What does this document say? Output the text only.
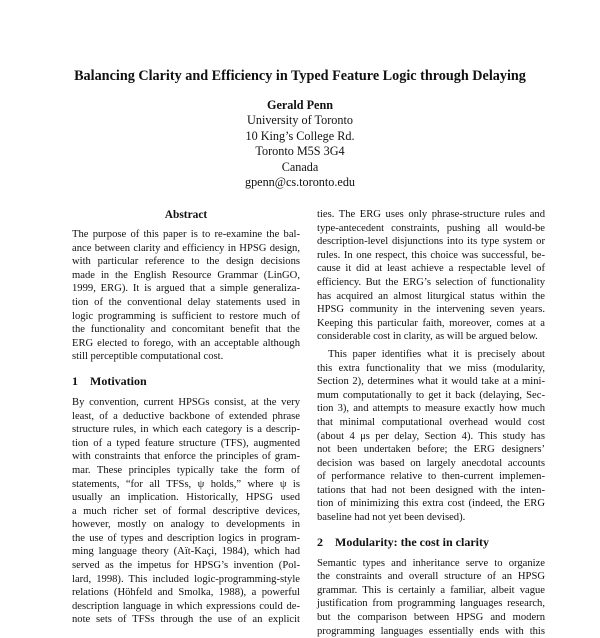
Balancing Clarity and Efficiency in Typed Feature Logic through Delaying
Gerald Penn
University of Toronto
10 King’s College Rd.
Toronto M5S 3G4
Canada
gpenn@cs.toronto.edu
Abstract
The purpose of this paper is to re-examine the bal-
ance between clarity and efficiency in HPSG design,
with particular reference to the design decisions
made in the English Resource Grammar (LinGO,
1999, ERG). It is argued that a simple generaliza-
tion of the conventional delay statements used in
logic programming is sufficient to restore much of
the functionality and concomitant benefit that the
ERG elected to forego, with an acceptable although
still perceptible computational cost.
1 Motivation
By convention, current HPSGs consist, at the very
least, of a deductive backbone of extended phrase
structure rules, in which each category is a descrip-
tion of a typed feature structure (TFS), augmented
with constraints that enforce the principles of gram-
mar. These principles typically take the form of
statements, “for all TFSs, ψ holds,” where ψ is
usually an implication. Historically, HPSG used
a much richer set of formal descriptive devices,
however, mostly on analogy to developments in
the use of types and description logics in program-
ming language theory (Aït-Kaçi, 1984), which had
served as the impetus for HPSG’s invention (Pol-
lard, 1998). This included logic-programming-style
relations (Höhfeld and Smolka, 1988), a powerful
description language in which expressions could de-
note sets of TFSs through the use of an explicit
ties. The ERG uses only phrase-structure rules and
type-antecedent constraints, pushing all would-be
description-level disjunctions into its type system or
rules. In one respect, this choice was successful, be-
cause it did at least achieve a respectable level of
efficiency. But the ERG’s selection of functionality
has acquired an almost liturgical status within the
HPSG community in the intervening seven years.
Keeping this particular faith, moreover, comes at a
considerable cost in clarity, as will be argued below.
This paper identifies what it is precisely about
this extra functionality that we miss (modularity,
Section 2), determines what it would take at a mini-
mum computationally to get it back (delaying, Sec-
tion 3), and attempts to measure exactly how much
that minimal computational overhead would cost
(about 4 μs per delay, Section 4). This study has
not been undertaken before; the ERG designers’
decision was based on largely anecdotal accounts
of performance relative to then-current implemen-
tations that had not been designed with the inten-
tion of minimizing this extra cost (indeed, the ERG
baseline had not yet been devised).
2 Modularity: the cost in clarity
Semantic types and inheritance serve to organize
the constraints and overall structure of an HPSG
grammar. This is certainly a familiar, albeit vague
justification from programming languages research,
but the comparison between HPSG and modern
programming languages essentially ends with this
